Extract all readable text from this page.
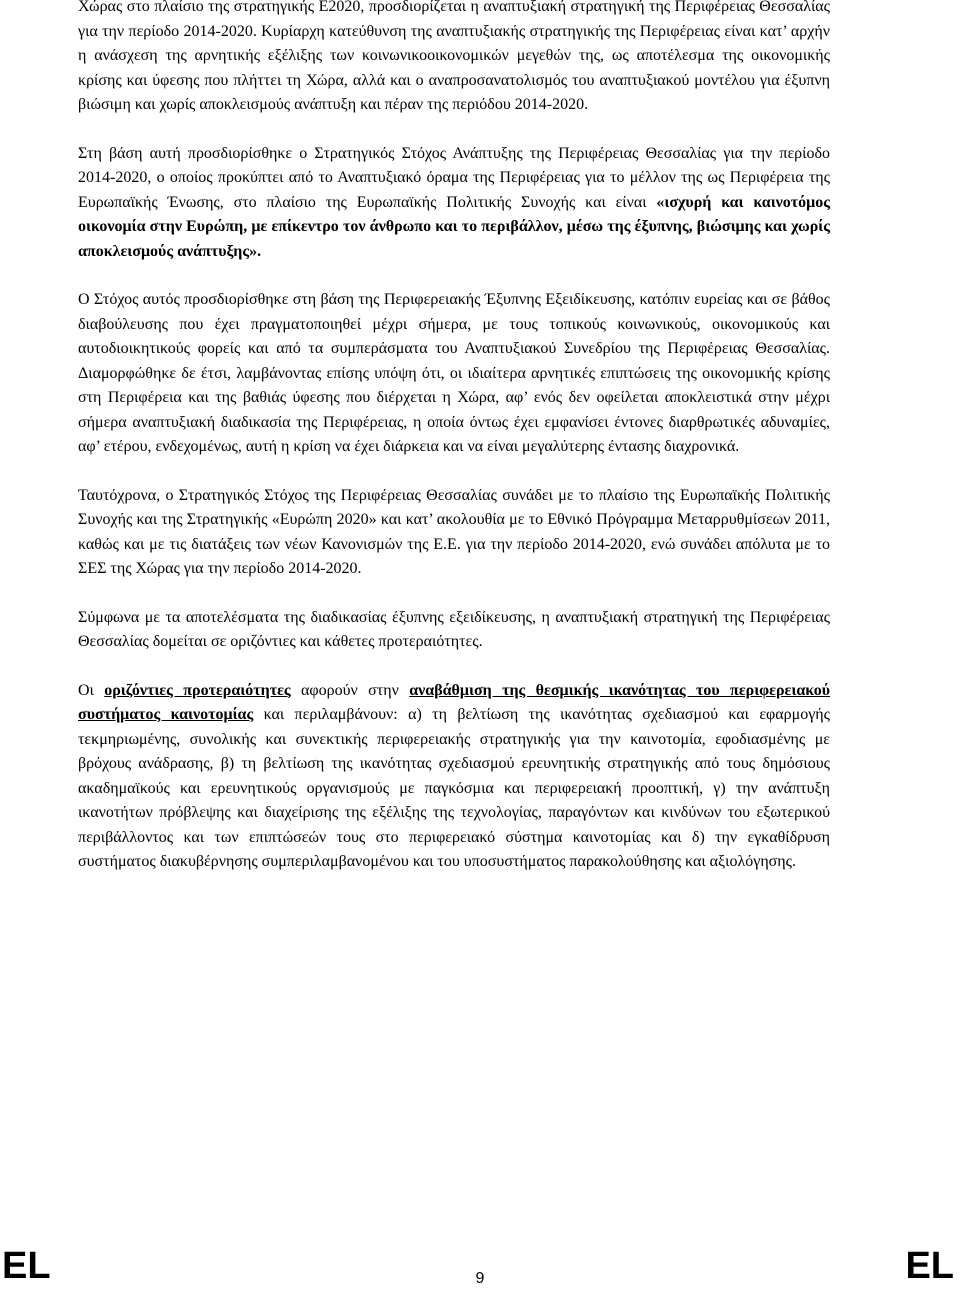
Χώρας στο πλαίσιο της στρατηγικής Ε2020, προσδιορίζεται η αναπτυξιακή στρατηγική της Περιφέρειας Θεσσαλίας για την περίοδο 2014-2020. Κυρίαρχη κατεύθυνση της αναπτυξιακής στρατηγικής της Περιφέρειας είναι κατ’ αρχήν η ανάσχεση της αρνητικής εξέλιξης των κοινωνικοοικονομικών μεγεθών της, ως αποτέλεσμα της οικονομικής κρίσης και ύφεσης που πλήττει τη Χώρα, αλλά και ο αναπροσανατολισμός του αναπτυξιακού μοντέλου για έξυπνη βιώσιμη και χωρίς αποκλεισμούς ανάπτυξη και πέραν της περιόδου 2014-2020.

Στη βάση αυτή προσδιορίσθηκε ο Στρατηγικός Στόχος Ανάπτυξης της Περιφέρειας Θεσσαλίας για την περίοδο 2014-2020, ο οποίος προκύπτει από το Αναπτυξιακό όραμα της Περιφέρειας για το μέλλον της ως Περιφέρεια της Ευρωπαϊκής Ένωσης, στο πλαίσιο της Ευρωπαϊκής Πολιτικής Συνοχής και είναι «ισχυρή και καινοτόμος οικονομία στην Ευρώπη, με επίκεντρο τον άνθρωπο και το περιβάλλον, μέσω της έξυπνης, βιώσιμης και χωρίς αποκλεισμούς ανάπτυξης».

Ο Στόχος αυτός προσδιορίσθηκε στη βάση της Περιφερειακής Έξυπνης Εξειδίκευσης, κατόπιν ευρείας και σε βάθος διαβούλευσης που έχει πραγματοποιηθεί μέχρι σήμερα, με τους τοπικούς κοινωνικούς, οικονομικούς και αυτοδιοικητικούς φορείς και από τα συμπεράσματα του Αναπτυξιακού Συνεδρίου της Περιφέρειας Θεσσαλίας. Διαμορφώθηκε δε έτσι, λαμβάνοντας επίσης υπόψη ότι, οι ιδιαίτερα αρνητικές επιπτώσεις της οικονομικής κρίσης στη Περιφέρεια και της βαθιάς ύφεσης που διέρχεται η Χώρα, αφ’ ενός δεν οφείλεται αποκλειστικά στην μέχρι σήμερα αναπτυξιακή διαδικασία της Περιφέρειας, η οποία όντως έχει εμφανίσει έντονες διαρθρωτικές αδυναμίες, αφ’ ετέρου, ενδεχομένως, αυτή η κρίση να έχει διάρκεια και να είναι μεγαλύτερης έντασης διαχρονικά.

Ταυτόχρονα, ο Στρατηγικός Στόχος της Περιφέρειας Θεσσαλίας συνάδει με το πλαίσιο της Ευρωπαϊκής Πολιτικής Συνοχής και της Στρατηγικής «Ευρώπη 2020» και κατ’ ακολουθία με το Εθνικό Πρόγραμμα Μεταρρυθμίσεων 2011, καθώς και με τις διατάξεις των νέων Κανονισμών της Ε.Ε. για την περίοδο 2014-2020, ενώ συνάδει απόλυτα με το ΣΕΣ της Χώρας για την περίοδο 2014-2020.

Σύμφωνα με τα αποτελέσματα της διαδικασίας έξυπνης εξειδίκευσης, η αναπτυξιακή στρατηγική της Περιφέρειας Θεσσαλίας δομείται σε οριζόντιες και κάθετες προτεραιότητες.

Οι οριζόντιες προτεραιότητες αφορούν στην αναβάθμιση της θεσμικής ικανότητας του περιφερειακού συστήματος καινοτομίας και περιλαμβάνουν: α) τη βελτίωση της ικανότητας σχεδιασμού και εφαρμογής τεκμηριωμένης, συνολικής και συνεκτικής περιφερειακής στρατηγικής για την καινοτομία, εφοδιασμένης με βρόχους ανάδρασης, β) τη βελτίωση της ικανότητας σχεδιασμού ερευνητικής στρατηγικής από τους δημόσιους ακαδημαϊκούς και ερευνητικούς οργανισμούς με παγκόσμια και περιφερειακή προοπτική, γ) την ανάπτυξη ικανοτήτων πρόβλεψης και διαχείρισης της εξέλιξης της τεχνολογίας, παραγόντων και κινδύνων του εξωτερικού περιβάλλοντος και των επιπτώσεών τους στο περιφερειακό σύστημα καινοτομίας και δ) την εγκαθίδρυση συστήματος διακυβέρνησης συμπεριλαμβανομένου και του υποσυστήματος παρακολούθησης και αξιολόγησης.

EL	9	EL
